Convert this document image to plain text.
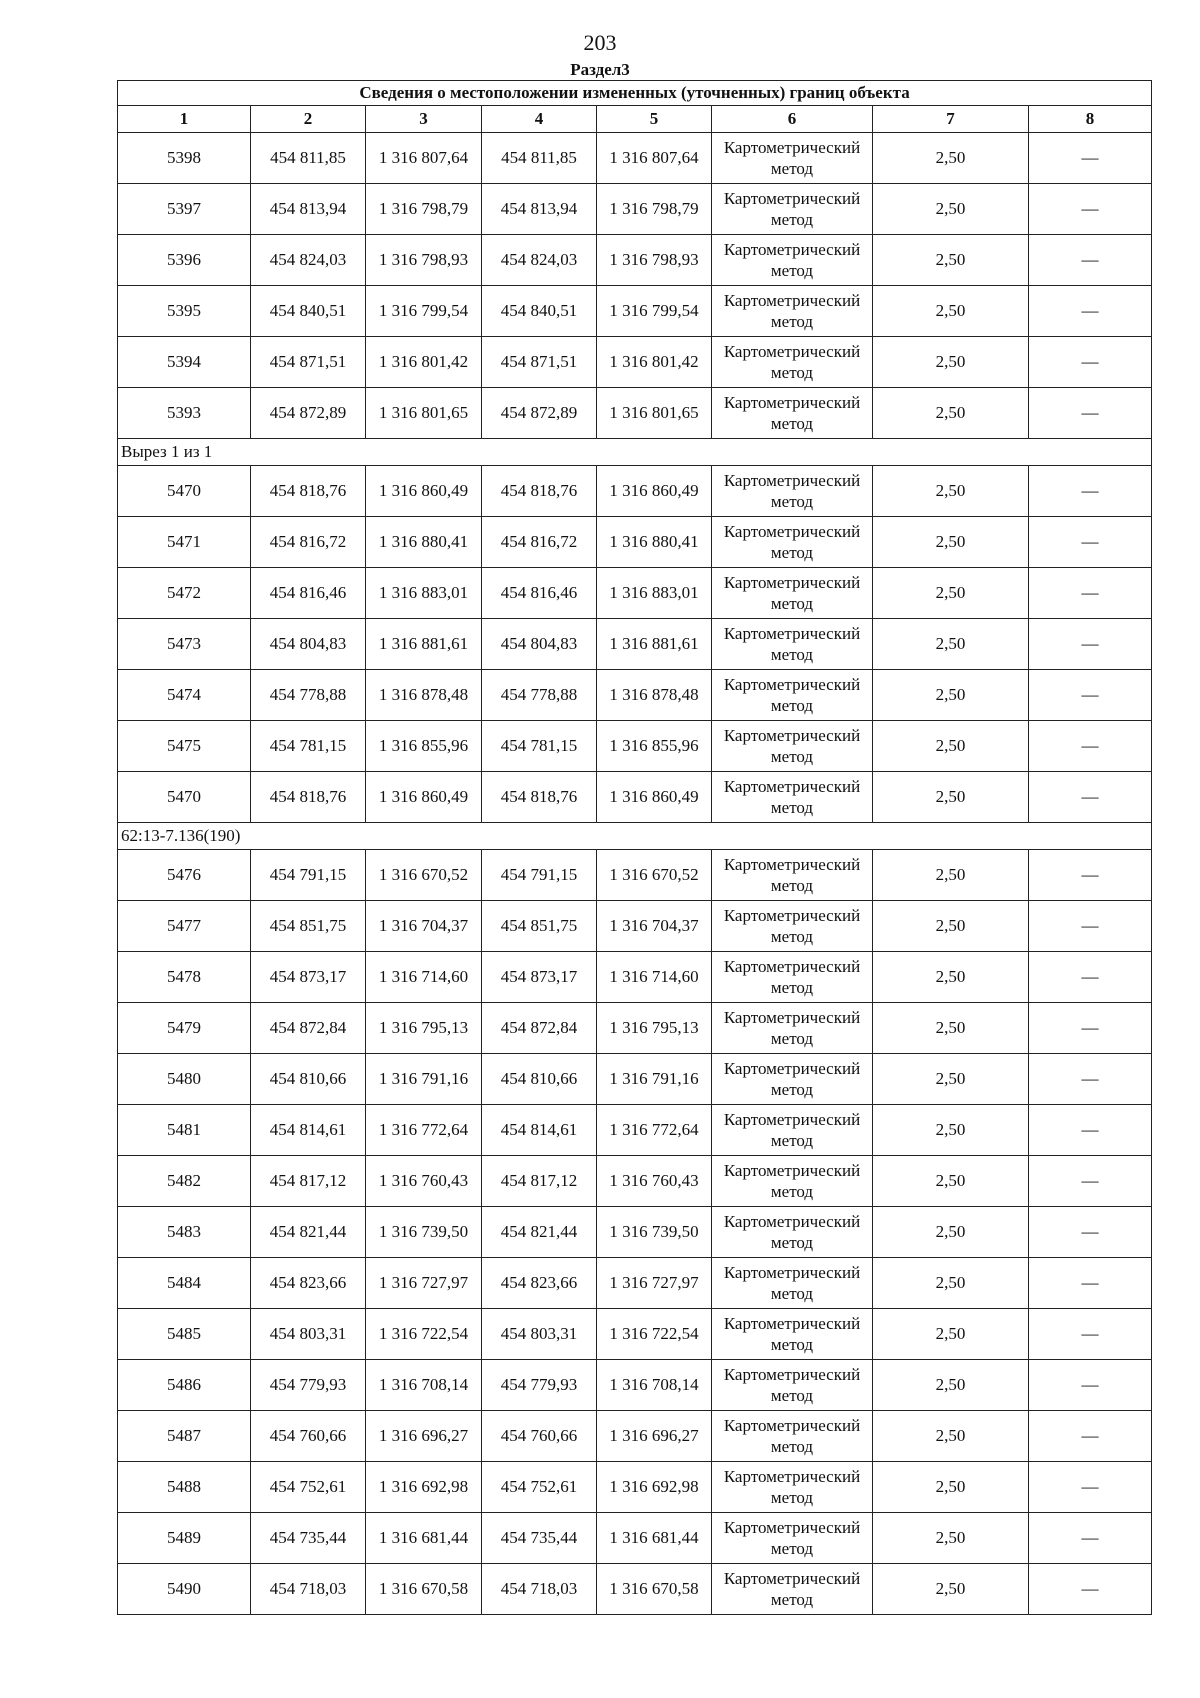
203
Раздел3
Сведения о местоположении измененных (уточненных) границ объекта							
1	2	3	4	5	6	7	8
5398	454 811,85	1 316 807,64	454 811,85	1 316 807,64	Картометрический метод	2,50	—
5397	454 813,94	1 316 798,79	454 813,94	1 316 798,79	Картометрический метод	2,50	—
5396	454 824,03	1 316 798,93	454 824,03	1 316 798,93	Картометрический метод	2,50	—
5395	454 840,51	1 316 799,54	454 840,51	1 316 799,54	Картометрический метод	2,50	—
5394	454 871,51	1 316 801,42	454 871,51	1 316 801,42	Картометрический метод	2,50	—
5393	454 872,89	1 316 801,65	454 872,89	1 316 801,65	Картометрический метод	2,50	—
Вырез 1 из 1							
5470	454 818,76	1 316 860,49	454 818,76	1 316 860,49	Картометрический метод	2,50	—
5471	454 816,72	1 316 880,41	454 816,72	1 316 880,41	Картометрический метод	2,50	—
5472	454 816,46	1 316 883,01	454 816,46	1 316 883,01	Картометрический метод	2,50	—
5473	454 804,83	1 316 881,61	454 804,83	1 316 881,61	Картометрический метод	2,50	—
5474	454 778,88	1 316 878,48	454 778,88	1 316 878,48	Картометрический метод	2,50	—
5475	454 781,15	1 316 855,96	454 781,15	1 316 855,96	Картометрический метод	2,50	—
5470	454 818,76	1 316 860,49	454 818,76	1 316 860,49	Картометрический метод	2,50	—
62:13-7.136(190)							
5476	454 791,15	1 316 670,52	454 791,15	1 316 670,52	Картометрический метод	2,50	—
5477	454 851,75	1 316 704,37	454 851,75	1 316 704,37	Картометрический метод	2,50	—
5478	454 873,17	1 316 714,60	454 873,17	1 316 714,60	Картометрический метод	2,50	—
5479	454 872,84	1 316 795,13	454 872,84	1 316 795,13	Картометрический метод	2,50	—
5480	454 810,66	1 316 791,16	454 810,66	1 316 791,16	Картометрический метод	2,50	—
5481	454 814,61	1 316 772,64	454 814,61	1 316 772,64	Картометрический метод	2,50	—
5482	454 817,12	1 316 760,43	454 817,12	1 316 760,43	Картометрический метод	2,50	—
5483	454 821,44	1 316 739,50	454 821,44	1 316 739,50	Картометрический метод	2,50	—
5484	454 823,66	1 316 727,97	454 823,66	1 316 727,97	Картометрический метод	2,50	—
5485	454 803,31	1 316 722,54	454 803,31	1 316 722,54	Картометрический метод	2,50	—
5486	454 779,93	1 316 708,14	454 779,93	1 316 708,14	Картометрический метод	2,50	—
5487	454 760,66	1 316 696,27	454 760,66	1 316 696,27	Картометрический метод	2,50	—
5488	454 752,61	1 316 692,98	454 752,61	1 316 692,98	Картометрический метод	2,50	—
5489	454 735,44	1 316 681,44	454 735,44	1 316 681,44	Картометрический метод	2,50	—
5490	454 718,03	1 316 670,58	454 718,03	1 316 670,58	Картометрический метод	2,50	—
